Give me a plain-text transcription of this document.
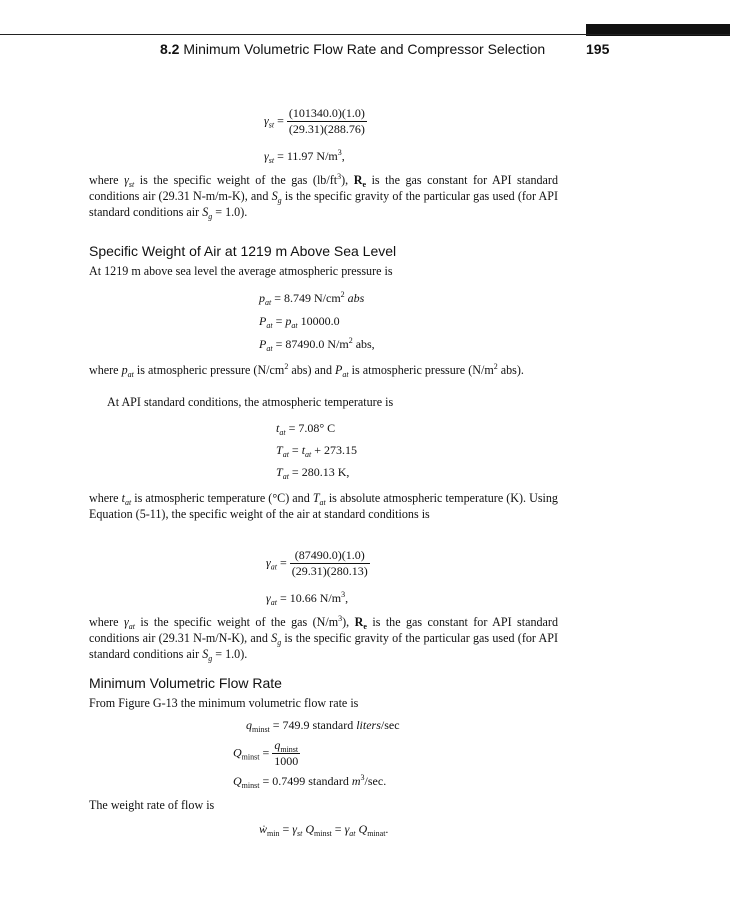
8.2 Minimum Volumetric Flow Rate and Compressor Selection	195
$\gamma_{st} = \frac{(101340.0)(1.0)}{(29.31)(288.76)}$
$\gamma_{st} = 11.97$ $N/m^3$,
where $\gamma_{st}$ is the specific weight of the gas $(lb/ft^3)$, $R_e$ is the gas constant for API standard conditions air (29.31 N-m/m-K), and $S_g$ is the specific gravity of the particular gas used (for API standard conditions air $S_g = 1.0$).
Specific Weight of Air at 1219 m Above Sea Level
At 1219 m above sea level the average atmospheric pressure is
$p_{at} = 8.749$ $N/cm^2$ abs
$P_{at} = p_{at}$ 10000.0
$P_{at} = 87490.0$ $N/m^2$ abs,
where $p_{at}$ is atmospheric pressure ($N/cm^2$ abs) and $P_{at}$ is atmospheric pressure ($N/m^2$ abs).
At API standard conditions, the atmospheric temperature is
$t_{at} = 7.08^\circ$ C
$T_{at} = t_{at} + 273.15$
$T_{at} = 280.13$ K,
where $t_{at}$ is atmospheric temperature (°C) and $T_{at}$ is absolute atmospheric temperature (K). Using Equation (5-11), the specific weight of the air at standard conditions is
$\gamma_{at} = \frac{(87490.0)(1.0)}{(29.31)(280.13)}$
$\gamma_{at} = 10.66$ $N/m^3$,
where $\gamma_{at}$ is the specific weight of the gas $(N/m^3)$, $R_e$ is the gas constant for API standard conditions air (29.31 N-m/N-K), and $S_g$ is the specific gravity of the particular gas used (for API standard conditions air $S_g = 1.0$).
Minimum Volumetric Flow Rate
From Figure G-13 the minimum volumetric flow rate is
$q_{minst} = 749.9$ standard liters/sec
$Q_{minst} = \frac{q_{minst}}{1000}$
$Q_{minst} = 0.7499$ standard $m^3/\sec$.
The weight rate of flow is
ẇ$_{min}$ = $\gamma_{st}$ $Q_{minst} = \gamma_{at}$ $Q_{minat}$.
